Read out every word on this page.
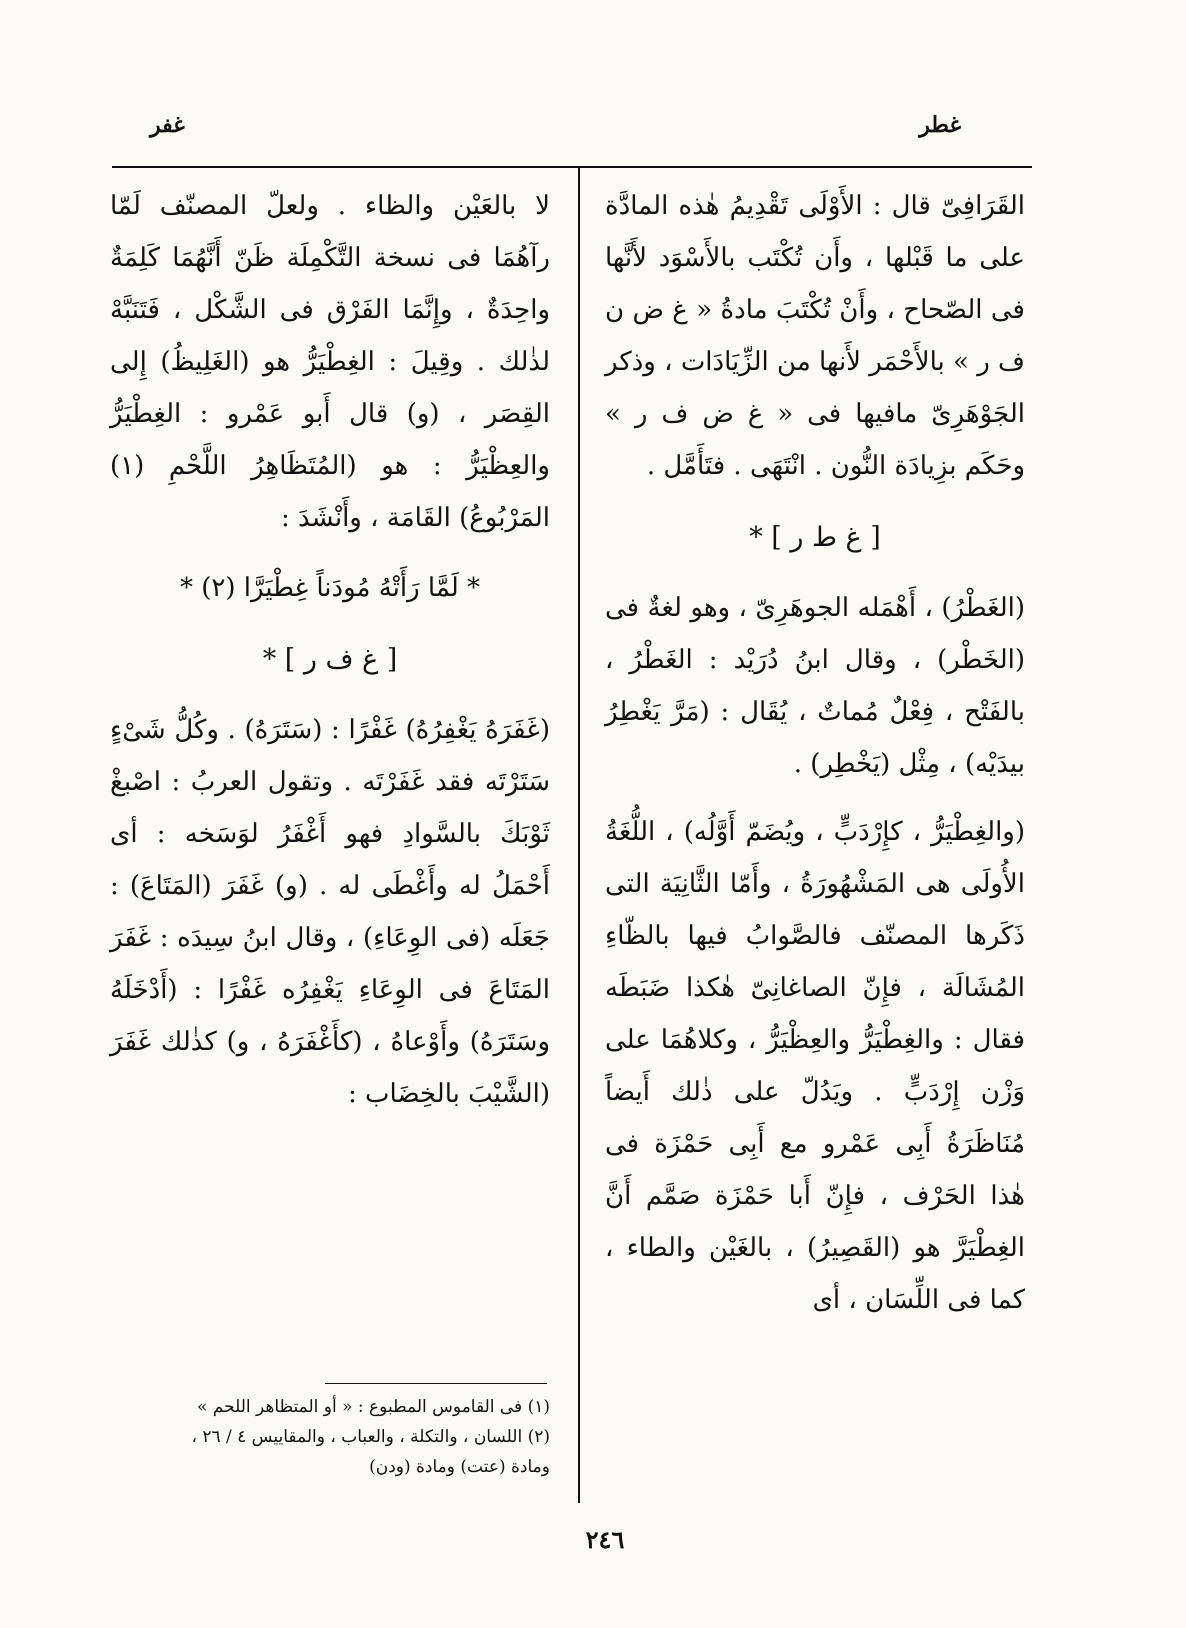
غطر
غفر

القَرَافِىّ قال : الأَوْلَى تَقْدِيمُ هٰذه المادَّة على ما قَبْلها ، وأَن تُكْتَب بالأَسْوَد لأَنَّها فى الصّحاح ، وأَنْ تُكْتَبَ مادةُ « غ ض ن ف ر » بالأَحْمَر لأَنها من الزِّيَادَات ، وذكر الجَوْهَرِىّ مافيها فى « غ ض ف ر » وحَكَم بزِيادَة النُّون . انْتَهَى . فتَأَمَّل .

[ غ ط ر ] *

(الغَطْرُ) ، أَهْمَله الجوهَرِىّ ، وهو لغةٌ فى (الخَطْر) ، وقال ابنُ دُرَيْد : الغَطْرُ ، بالفَتْح ، فِعْلٌ مُماتٌ ، يُقَال : (مَرَّ يَغْطِرُ بيدَيْه) ، مِثْل (يَخْطِر) .

(والغِطْيَرُّ ، كإِرْدَبٍّ ، ويُضَمّ أَوَّلُه) ، اللُّغَةُ الأُولَى هى المَشْهُورَةُ ، وأَمّا الثَّانِيَة التى ذَكَرها المصنّف فالصَّوابُ فيها بالظّاءِ المُشَالَة ، فإِنّ الصاغانِىّ هٰكذا ضَبَطَه فقال : والغِطْيَرُّ والعِظْيَرُّ ، وكلاهُمَا على وَزْن إِرْدَبٍّ . ويَدُلّ على ذٰلك أَيضاً مُنَاظَرَةُ أَبِى عَمْرو مع أَبِى حَمْزَة فى هٰذا الحَرْف ، فإِنّ أَبا حَمْزَة صَمَّم أَنَّ الغِطْيَرَّ هو (القَصِيرُ) ، بالغَيْن والطاء ، كما فى اللِّسَان ، أى

لا بالعَيْن والظاء . ولعلّ المصنّف لَمّا رآهُمَا فى نسخة التَّكْمِلَة ظَنّ أَنَّهُمَا كَلِمَةٌ واحِدَةٌ ، وإِنَّمَا الفَرْق فى الشَّكْل ، فَتَنَبَّهْ لذٰلك . وقِيلَ : الغِطْيَرُّ هو (الغَلِيظُ) إِلى القِصَر ، (و) قال أَبو عَمْرو : الغِطْيَرُّ والعِظْيَرُّ : هو (المُتَظَاهِرُ اللَّحْمِ (١) المَرْبُوعُ) القَامَة ، وأَنْشَدَ :

* لَمَّا رَأَتْهُ مُودَناً غِطْيَرَّا (٢) *

[ غ ف ر ] *

(غَفَرَهُ يَغْفِرُهُ) غَفْرًا : (سَتَرَهُ) . وكُلُّ شَىْءٍ سَتَرْتَه فقد غَفَرْتَه . وتقول العربُ : اصْبغْ ثَوْبَكَ بالسَّوادِ فهو أَغْفَرُ لوَسَخه : أى أَحْمَلُ له وأَغْطَى له . (و) غَفَرَ (المَتَاعَ) : جَعَلَه (فى الوِعَاءِ) ، وقال ابنُ سِيدَه : غَفَرَ المَتَاعَ فى الوِعَاءِ يَغْفِرُه غَفْرًا : (أَدْخَلَهُ وسَتَرَهُ) وأَوْعاهُ ، (كأَغْفَرَهُ ، و) كذٰلك غَفَرَ (الشَّيْبَ بالخِضَاب :

(١) فى القاموس المطبوع : « أو المتظاهر اللحم »

(٢) اللسان ، والتكلة ، والعباب ، والمقاييس ٤ / ٢٦ ،

ومادة (عتت) ومادة (ودن)

٢٤٦
